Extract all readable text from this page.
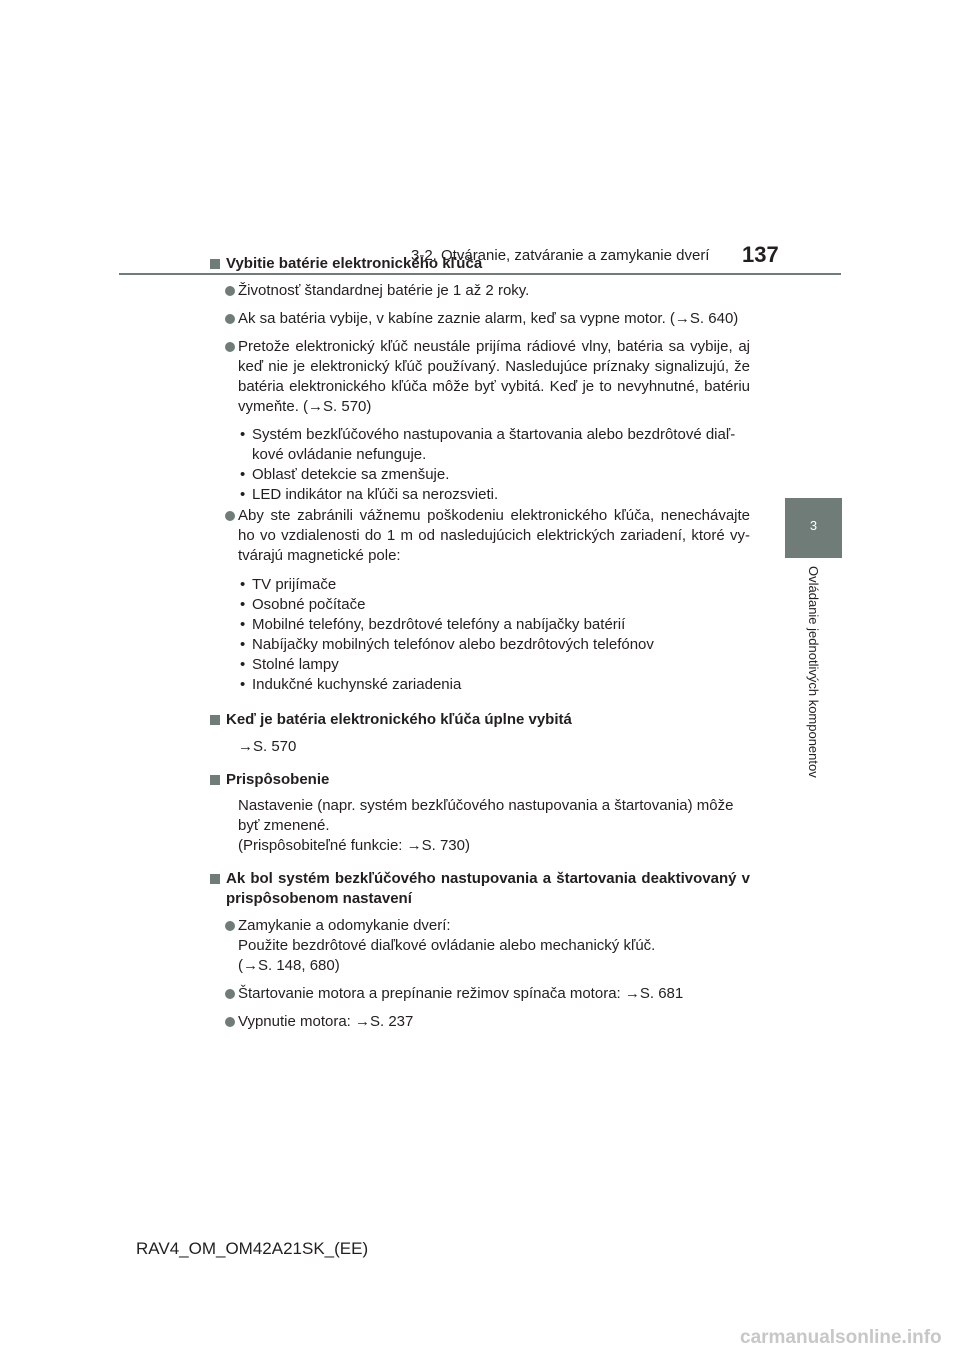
3-2. Otváranie, zatváranie a zamykanie dverí 137
3
Ovládanie jednotlivých komponentov
Vybitie batérie elektronického kľúča
Životnosť štandardnej batérie je 1 až 2 roky.
Ak sa batéria vybije, v kabíne zaznie alarm, keď sa vypne motor. (→S. 640)
Pretože elektronický kľúč neustále prijíma rádiové vlny, batéria sa vybije, aj keď nie je elektronický kľúč používaný. Nasledujúce príznaky signalizujú, že batéria elektronického kľúča môže byť vybitá. Keď je to nevyhnutné, batériu vymeňte. (→S. 570)
• Systém bezkľúčového nastupovania a štartovania alebo bezdrôtové diaľ-kové ovládanie nefunguje.
• Oblasť detekcie sa zmenšuje.
• LED indikátor na kľúči sa nerozsvieti.
Aby ste zabránili vážnemu poškodeniu elektronického kľúča, nenechávajte ho vo vzdialenosti do 1 m od nasledujúcich elektrických zariadení, ktoré vy-tvárajú magnetické pole:
• TV prijímače
• Osobné počítače
• Mobilné telefóny, bezdrôtové telefóny a nabíjačky batérií
• Nabíjačky mobilných telefónov alebo bezdrôtových telefónov
• Stolné lampy
• Indukčné kuchynské zariadenia
Keď je batéria elektronického kľúča úplne vybitá
→S. 570
Prispôsobenie
Nastavenie (napr. systém bezkľúčového nastupovania a štartovania) môže byť zmenené.
(Prispôsobiteľné funkcie: →S. 730)
Ak bol systém bezkľúčového nastupovania a štartovania deaktivovaný v prispôsobenom nastavení
Zamykanie a odomykanie dverí:
Použite bezdrôtové diaľkové ovládanie alebo mechanický kľúč.
(→S. 148, 680)
Štartovanie motora a prepínanie režimov spínača motora: →S. 681
Vypnutie motora: →S. 237
RAV4_OM_OM42A21SK_(EE)
carmanualsonline.info
